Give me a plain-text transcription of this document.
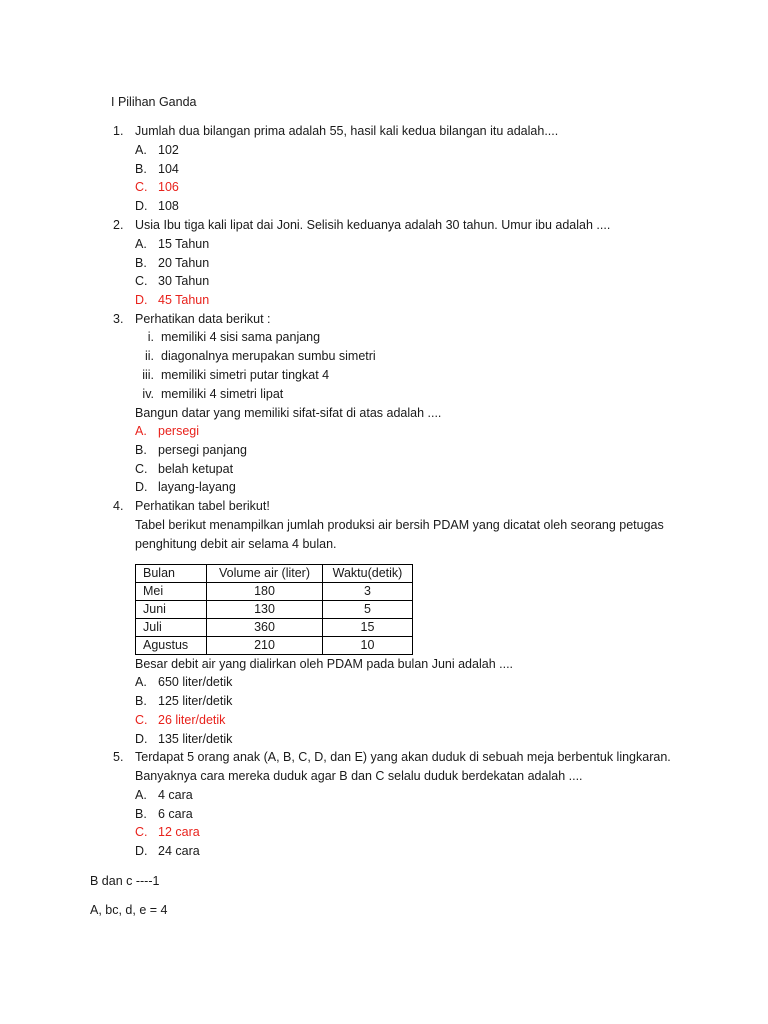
I Pilihan Ganda
1. Jumlah dua bilangan prima adalah 55, hasil kali kedua bilangan itu adalah....
A. 102
B. 104
C. 106
D. 108
2. Usia Ibu tiga kali lipat dai Joni. Selisih keduanya adalah 30 tahun. Umur ibu adalah ....
A. 15 Tahun
B. 20 Tahun
C. 30 Tahun
D. 45 Tahun
3. Perhatikan data berikut :
i. memiliki 4 sisi sama panjang
ii. diagonalnya merupakan sumbu simetri
iii. memiliki simetri putar tingkat 4
iv. memiliki 4 simetri lipat
Bangun datar yang memiliki sifat-sifat di atas adalah ....
A. persegi
B. persegi panjang
C. belah ketupat
D. layang-layang
4. Perhatikan tabel berikut!
Tabel berikut menampilkan jumlah produksi air bersih PDAM yang dicatat oleh seorang petugas
penghitung debit air selama 4 bulan.
Bulan	Volume air (liter)	Waktu(detik)
Mei	180	3
Juni	130	5
Juli	360	15
Agustus	210	10
Besar debit air yang dialirkan oleh PDAM pada bulan Juni adalah ....
A. 650 liter/detik
B. 125 liter/detik
C. 26 liter/detik
D. 135 liter/detik
5. Terdapat 5 orang anak (A, B, C, D, dan E) yang akan duduk di sebuah meja berbentuk lingkaran.
Banyaknya cara mereka duduk agar B dan C selalu duduk berdekatan adalah ....
A. 4 cara
B. 6 cara
C. 12 cara
D. 24 cara
B dan c ----1
A, bc, d, e = 4
